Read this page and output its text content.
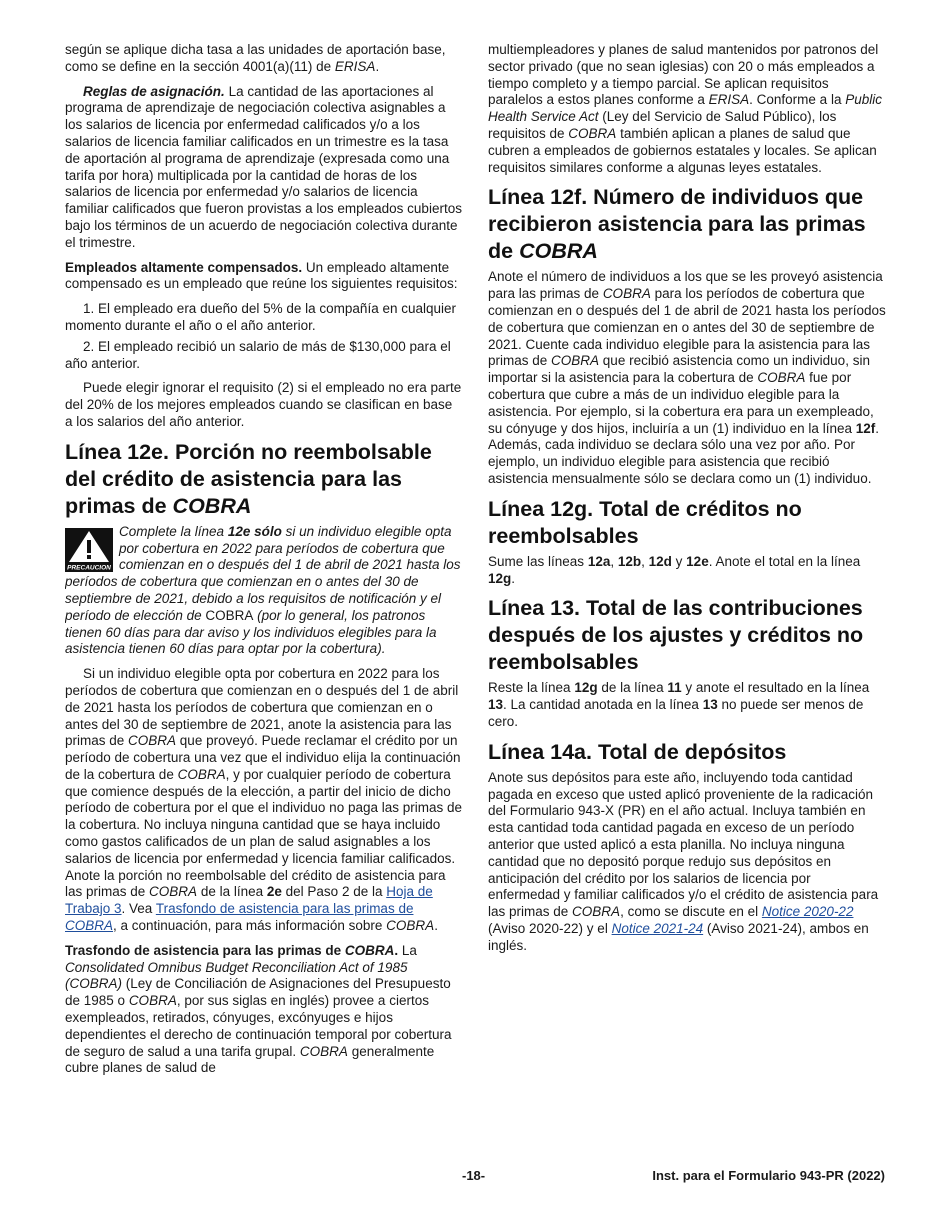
según se aplique dicha tasa a las unidades de aportación base, como se define en la sección 4001(a)(11) de ERISA.

Reglas de asignación. La cantidad de las aportaciones al programa de aprendizaje de negociación colectiva asignables a los salarios de licencia por enfermedad calificados y/o a los salarios de licencia familiar calificados en un trimestre es la tasa de aportación al programa de aprendizaje (expresada como una tarifa por hora) multiplicada por la cantidad de horas de los salarios de licencia por enfermedad y/o salarios de licencia familiar calificados que fueron provistas a los empleados cubiertos bajo los términos de un acuerdo de negociación colectiva durante el trimestre.

Empleados altamente compensados. Un empleado altamente compensado es un empleado que reúne los siguientes requisitos:

1. El empleado era dueño del 5% de la compañía en cualquier momento durante el año o el año anterior.

2. El empleado recibió un salario de más de $130,000 para el año anterior.

Puede elegir ignorar el requisito (2) si el empleado no era parte del 20% de los mejores empleados cuando se clasifican en base a los salarios del año anterior.

Línea 12e. Porción no reembolsable del crédito de asistencia para las primas de COBRA
PRECAUCION
Complete la línea 12e sólo si un individuo elegible opta por cobertura en 2022 para períodos de cobertura que comienzan en o después del 1 de abril de 2021 hasta los períodos de cobertura que comienzan en o antes del 30 de septiembre de 2021, debido a los requisitos de notificación y el período de elección de COBRA (por lo general, los patronos tienen 60 días para dar aviso y los individuos elegibles para la asistencia tienen 60 días para optar por la cobertura).

Si un individuo elegible opta por cobertura en 2022 para los períodos de cobertura que comienzan en o después del 1 de abril de 2021 hasta los períodos de cobertura que comienzan en o antes del 30 de septiembre de 2021, anote la asistencia para las primas de COBRA que proveyó. Puede reclamar el crédito por un período de cobertura una vez que el individuo elija la continuación de la cobertura de COBRA, y por cualquier período de cobertura que comience después de la elección, a partir del inicio de dicho período de cobertura por el que el individuo no paga las primas de la cobertura. No incluya ninguna cantidad que se haya incluido como gastos calificados de un plan de salud asignables a los salarios de licencia por enfermedad y licencia familiar calificados. Anote la porción no reembolsable del crédito de asistencia para las primas de COBRA de la línea 2e del Paso 2 de la Hoja de Trabajo 3. Vea Trasfondo de asistencia para las primas de COBRA, a continuación, para más información sobre COBRA.

Trasfondo de asistencia para las primas de COBRA. La Consolidated Omnibus Budget Reconciliation Act of 1985 (COBRA) (Ley de Conciliación de Asignaciones del Presupuesto de 1985 o COBRA, por sus siglas en inglés) provee a ciertos exempleados, retirados, cónyuges, excónyuges e hijos dependientes el derecho de continuación temporal por cobertura de seguro de salud a una tarifa grupal. COBRA generalmente cubre planes de salud de

multiempleadores y planes de salud mantenidos por patronos del sector privado (que no sean iglesias) con 20 o más empleados a tiempo completo y a tiempo parcial. Se aplican requisitos paralelos a estos planes conforme a ERISA. Conforme a la Public Health Service Act (Ley del Servicio de Salud Público), los requisitos de COBRA también aplican a planes de salud que cubren a empleados de gobiernos estatales y locales. Se aplican requisitos similares conforme a algunas leyes estatales.

Línea 12f. Número de individuos que recibieron asistencia para las primas de COBRA

Anote el número de individuos a los que se les proveyó asistencia para las primas de COBRA para los períodos de cobertura que comienzan en o después del 1 de abril de 2021 hasta los períodos de cobertura que comienzan en o antes del 30 de septiembre de 2021. Cuente cada individuo elegible para la asistencia para las primas de COBRA que recibió asistencia como un individuo, sin importar si la asistencia para la cobertura de COBRA fue por cobertura que cubre a más de un individuo elegible para la asistencia. Por ejemplo, si la cobertura era para un exempleado, su cónyuge y dos hijos, incluiría a un (1) individuo en la línea 12f. Además, cada individuo se declara sólo una vez por año. Por ejemplo, un individuo elegible para asistencia que recibió asistencia mensualmente sólo se declara como un (1) individuo.

Línea 12g. Total de créditos no reembolsables

Sume las líneas 12a, 12b, 12d y 12e. Anote el total en la línea 12g.

Línea 13. Total de las contribuciones después de los ajustes y créditos no reembolsables

Reste la línea 12g de la línea 11 y anote el resultado en la línea 13. La cantidad anotada en la línea 13 no puede ser menos de cero.

Línea 14a. Total de depósitos

Anote sus depósitos para este año, incluyendo toda cantidad pagada en exceso que usted aplicó proveniente de la radicación del Formulario 943-X (PR) en el año actual. Incluya también en esta cantidad toda cantidad pagada en exceso de un período anterior que usted aplicó a esta planilla. No incluya ninguna cantidad que no depositó porque redujo sus depósitos en anticipación del crédito por los salarios de licencia por enfermedad y familiar calificados y/o el crédito de asistencia para las primas de COBRA, como se discute en el Notice 2020-22 (Aviso 2020-22) y el Notice 2021-24 (Aviso 2021-24), ambos en inglés.

-18-	Inst. para el Formulario 943-PR (2022)
